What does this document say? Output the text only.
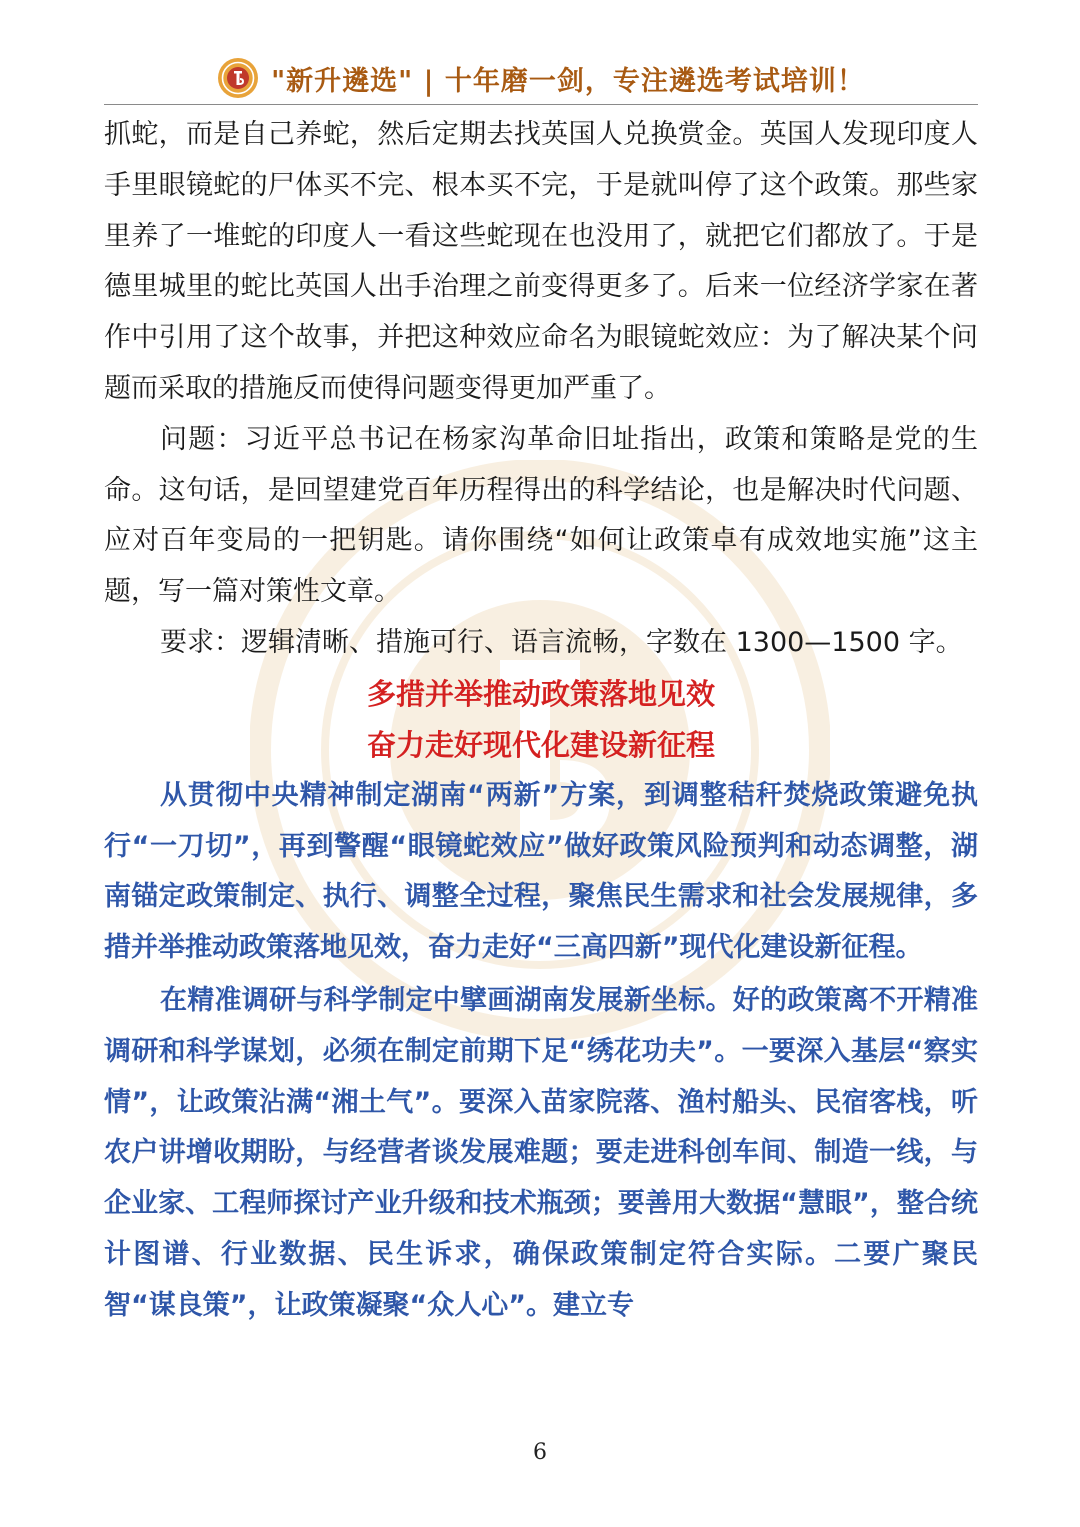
"新升遴选" | 十年磨一剑，专注遴选考试培训！

抓蛇，而是自己养蛇，然后定期去找英国人兑换赏金。英国人发现印度人手里眼镜蛇的尸体买不完、根本买不完，于是就叫停了这个政策。那些家里养了一堆蛇的印度人一看这些蛇现在也没用了，就把它们都放了。于是德里城里的蛇比英国人出手治理之前变得更多了。后来一位经济学家在著作中引用了这个故事，并把这种效应命名为眼镜蛇效应：为了解决某个问题而采取的措施反而使得问题变得更加严重了。

问题：习近平总书记在杨家沟革命旧址指出，政策和策略是党的生命。这句话，是回望建党百年历程得出的科学结论，也是解决时代问题、应对百年变局的一把钥匙。请你围绕“如何让政策卓有成效地实施”这主题，写一篇对策性文章。

要求：逻辑清晰、措施可行、语言流畅，字数在 1300—1500 字。

多措并举推动政策落地见效

奋力走好现代化建设新征程

从贯彻中央精神制定湖南“两新”方案，到调整秸秆焚烧政策避免执行“一刀切”，再到警醒“眼镜蛇效应”做好政策风险预判和动态调整，湖南锚定政策制定、执行、调整全过程，聚焦民生需求和社会发展规律，多措并举推动政策落地见效，奋力走好“三高四新”现代化建设新征程。

在精准调研与科学制定中擘画湖南发展新坐标。好的政策离不开精准调研和科学谋划，必须在制定前期下足“绣花功夫”。一要深入基层“察实情”，让政策沾满“湘土气”。要深入苗家院落、渔村船头、民宿客栈，听农户讲增收期盼，与经营者谈发展难题；要走进科创车间、制造一线，与企业家、工程师探讨产业升级和技术瓶颈；要善用大数据“慧眼”，整合统计图谱、行业数据、民生诉求，确保政策制定符合实际。二要广聚民智“谋良策”，让政策凝聚“众人心”。建立专

6
